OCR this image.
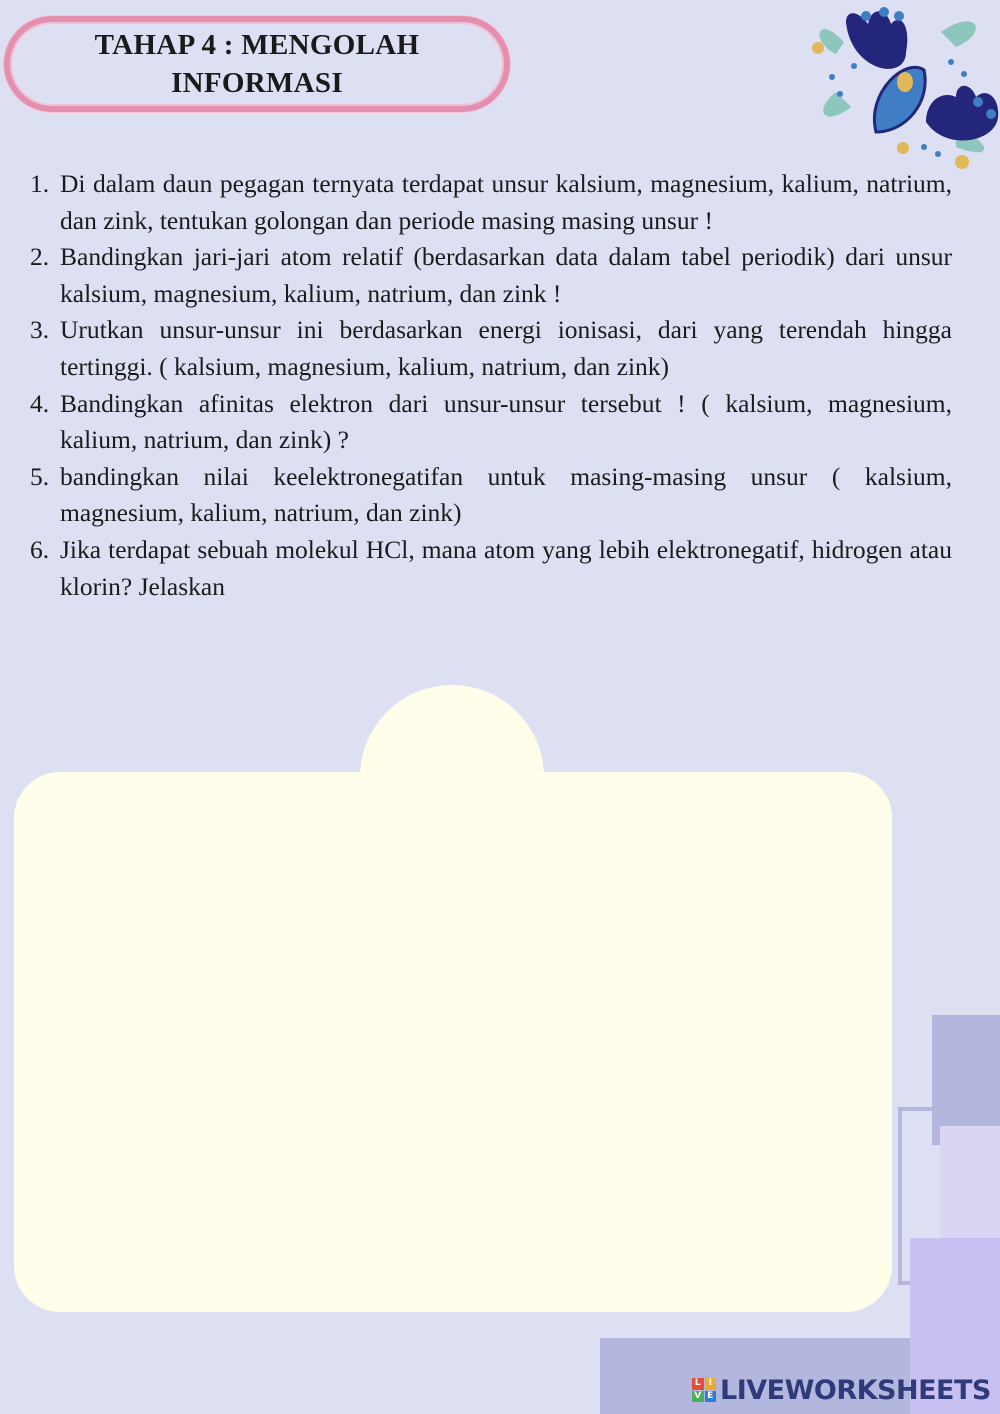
TAHAP 4 : MENGOLAH
INFORMASI
1. Di dalam daun pegagan ternyata terdapat unsur kalsium, magnesium, kalium, natrium, dan zink, tentukan golongan dan periode masing masing unsur !
2. Bandingkan jari-jari atom relatif (berdasarkan data dalam tabel periodik) dari unsur kalsium, magnesium, kalium, natrium, dan zink !
3. Urutkan unsur-unsur ini berdasarkan energi ionisasi, dari yang terendah hingga tertinggi. ( kalsium, magnesium, kalium, natrium, dan zink)
4. Bandingkan afinitas elektron dari unsur-unsur tersebut ! ( kalsium, magnesium, kalium, natrium, dan zink) ?
5. bandingkan nilai keelektronegatifan untuk masing-masing unsur ( kalsium, magnesium, kalium, natrium, dan zink)
6. Jika terdapat sebuah molekul HCl, mana atom yang lebih elektronegatif, hidrogen atau klorin? Jelaskan
L I
V E LIVEWORKSHEETS
